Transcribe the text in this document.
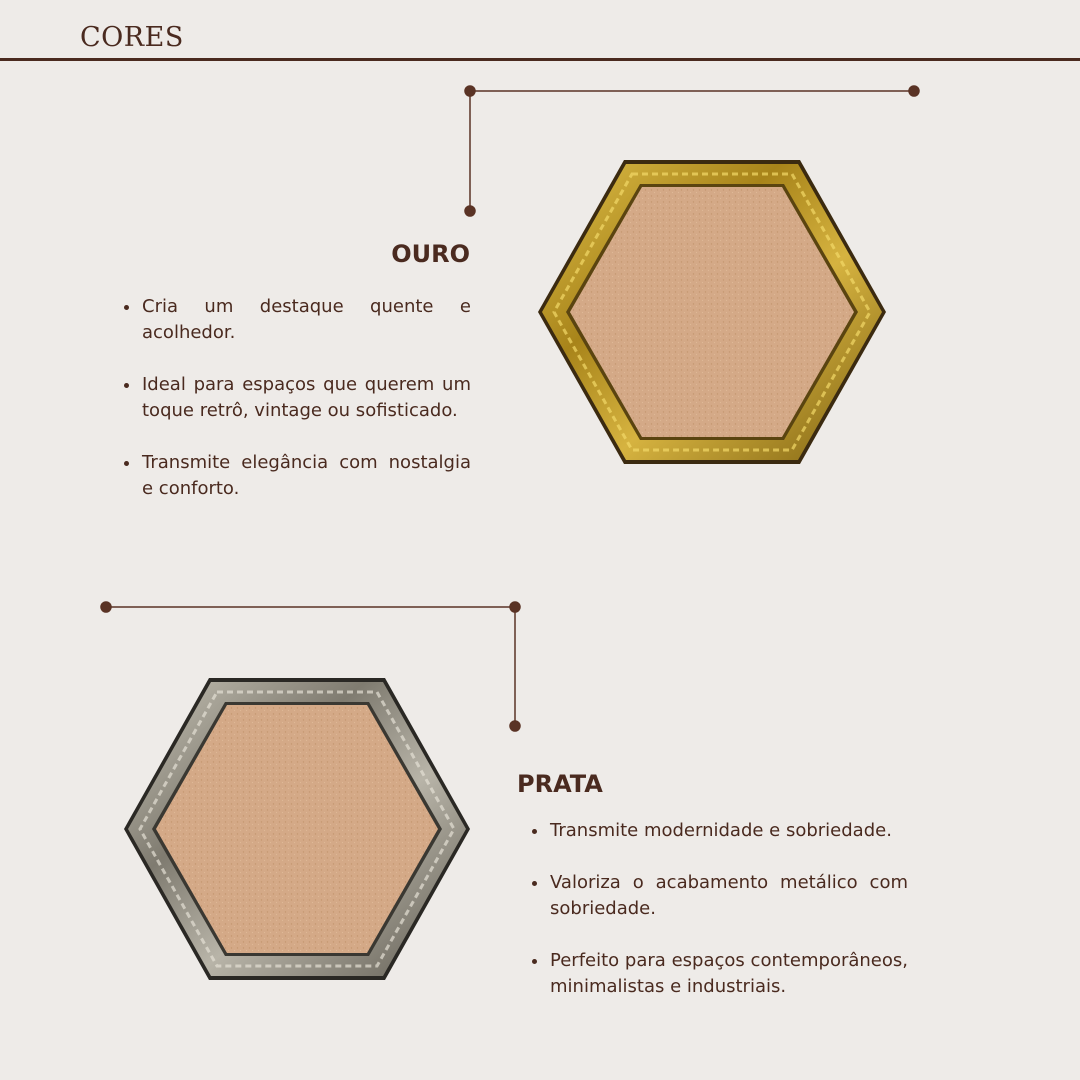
CORES
OURO
Cria um destaque quente e acolhedor.
Ideal para espaços que querem um toque retrô, vintage ou sofisticado.
Transmite elegância com nostalgia e conforto.
PRATA
Transmite modernidade e sobriedade.
Valoriza o acabamento metálico com sobriedade.
Perfeito para espaços contemporâneos, minimalistas e industriais.
